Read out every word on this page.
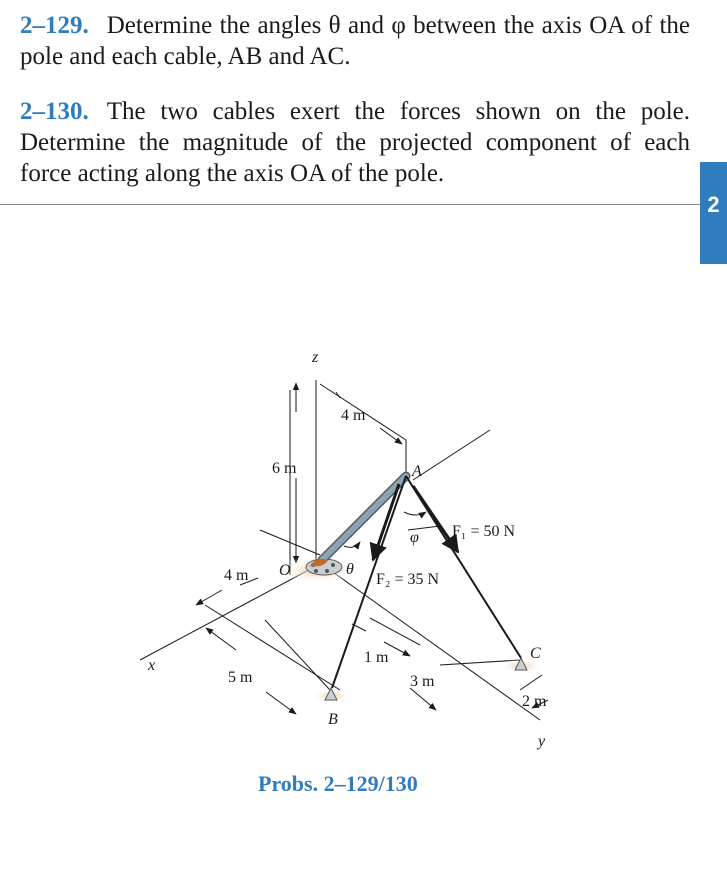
2–129. Determine the angles θ and φ between the axis OA of the pole and each cable, AB and AC.

2–130. The two cables exert the forces shown on the pole. Determine the magnitude of the projected component of each force acting along the axis OA of the pole.

2
z
x
y
O
A
B
C
4 m
6 m
4 m
5 m
1 m
3 m
2 m
θ
φ F₁ = 50 N
F₂ = 35 N
Probs. 2–129/130
